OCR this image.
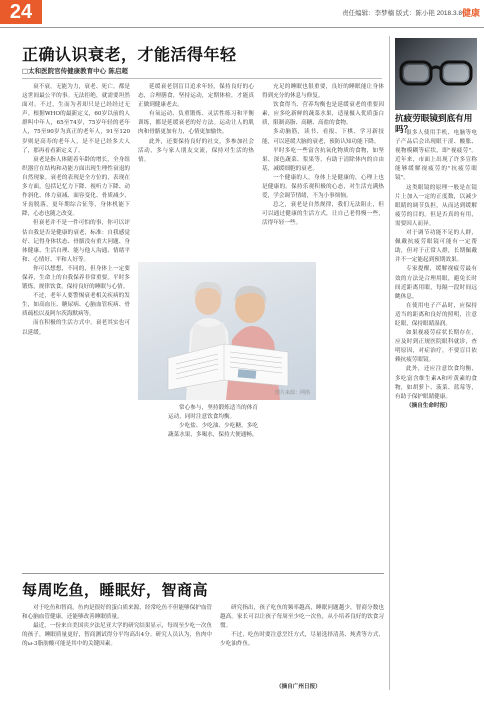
24	责任编辑：李梦楠 版式：陈小艳 2018.3.8 健康
正确认识衰老，才能活得年轻
□太和医院官传健康教育中心 陈启超

衰不衰，无能为力，衰老、死亡，都是这世间最公平的事。无法拒绝，就需要坦然面对。不过，生而为者却只是已经经过无声。根据WHO的最新定义，60岁以前的人群叫中年人，65至74岁，75岁年轻的老年人，75至90岁为真正的老年人，91至120岁则是高寿的老年人，是不是已经多大人了，那再看看新定义了。

衰老是指人体随着年龄的增长，全身组织器官在结构和功能方面出现生理性衰退的自然现象。衰老的表现是全方位的，表现在多方面，包括记忆力下降、视听力下降、动作斜化、体力衰减、面容变化、骨质减少、牙齿脱落，更年期综合征等，身体机能下降，心态也随之改变。

但衰老并不是一件可怕的事，你可以评估自我是否是健康的衰老，标准：自我感觉好、记得身体状态、骨骼没有重大问题、身体健康、生活自理、能与他人沟通、情绪平和、心情好、平和人好等。

你可以想想，不同的，但身体上一定要保养，生命上的自我保养非常重要。平时多锻炼，规律饮食，保持良好的睡眠与心情。

不过，老年人要警惕衰老相关疾病的发生，如高血压、糖尿病、心脑血管疾病、骨质疏松以及阿尔茨海默病等。

而在积极的生活方式中，衰老其实也可以延缓。

延缓衰老别盲目追求年轻，保持良好的心态，合理膳食，坚持运动，定期体检，才能真正做到健康老去。

有氧运动、负重锻炼、灵活性练习和平衡训练，都是延缓衰老的好方法。运动让人的肌肉和骨骼更加有力，心情更加愉快。

此外，还要保持良好的社交，多参加社会活动，多与家人朋友交流，保持对生活的热情。

充足的睡眠也很重要，良好的睡眠能让身体得到充分的休息与修复。

饮食得当、营养均衡也是延缓衰老的重要因素，应多吃新鲜的蔬菜水果，适量摄入优质蛋白质，限制高脂、高糖、高盐的食物。

多动脑筋，读书、看报、下棋、学习新技能，可以延缓大脑的衰老，预防认知功能下降。

平时多吃一些富含抗氧化物质的食物，如坚果、深色蔬菜、浆果等，有助于清除体内的自由基，减缓细胞的衰老。

一个健康的人，身体上是健康的，心理上也是健康的。保持乐观积极的心态，对生活充满热爱，学会调节情绪，不为小事烦恼。

总之，衰老是自然规律，我们无法阻止，但可以通过健康的生活方式，让自己老得慢一些，活得年轻一些。

图片来源：网络

常心参与，坚持锻炼适当的体育运动，同时注意饮食均衡。

少吃盐、少吃油、少吃糖，多吃蔬菜水果，多喝水，保持大便通畅。

每周吃鱼，睡眠好，智商高

对于吃鱼和智商，鱼肉是很好的蛋白质来源，经常吃鱼不但能够保护血管和心脑血管健康，还能够改善睡眠质量。

最近，一份来自美国宾夕法尼亚大学的研究结果显示，每周至少吃一次鱼的孩子，睡眠质量更好，智商测试得分平均高出4分。研究人员认为，鱼肉中的ω-3脂肪酸可能是其中的关键因素。

研究指出，孩子吃鱼的频率越高，睡眠问题越少，智商分数也越高。家长可以让孩子每周至少吃一次鱼，从小培养良好的饮食习惯。

不过，吃鱼时要注意烹饪方式，尽量选择清蒸、炖煮等方式，少吃油炸鱼。

（摘自广州日报）
抗疲劳眼镜到底有用吗？

很多人使用手机、电脑等电子产品后会出现眼干涩、酸胀、视物模糊等症状，即"视疲劳"。近年来，市面上出现了许多宣称能够缓解视疲劳的"抗疲劳眼镜"。

这类眼镜的原理一般是在镜片上加入一定的正度数，以减少眼睛的调节负担，从而达到缓解疲劳的目的。但是否真的有用，需要因人而异。

对于调节功能不足的人群，佩戴抗疲劳眼镜可能有一定帮助，但对于正常人群，长期佩戴并不一定能起到预期效果。

专家提醒，缓解视疲劳最有效的方法是合理用眼，避免长时间近距离用眼，每隔一段时间远眺休息。

在使用电子产品时，应保持适当的距离和良好的照明，注意眨眼，保持眼睛湿润。

如果视疲劳症状长期存在，应及时到正规医院眼科就诊，查明原因，对症治疗，不要盲目依赖抗疲劳眼镜。

此外，还应注意饮食均衡，多吃富含维生素A和叶黄素的食物，如胡萝卜、菠菜、蓝莓等，有助于保护眼睛健康。

（摘自生命时报）
